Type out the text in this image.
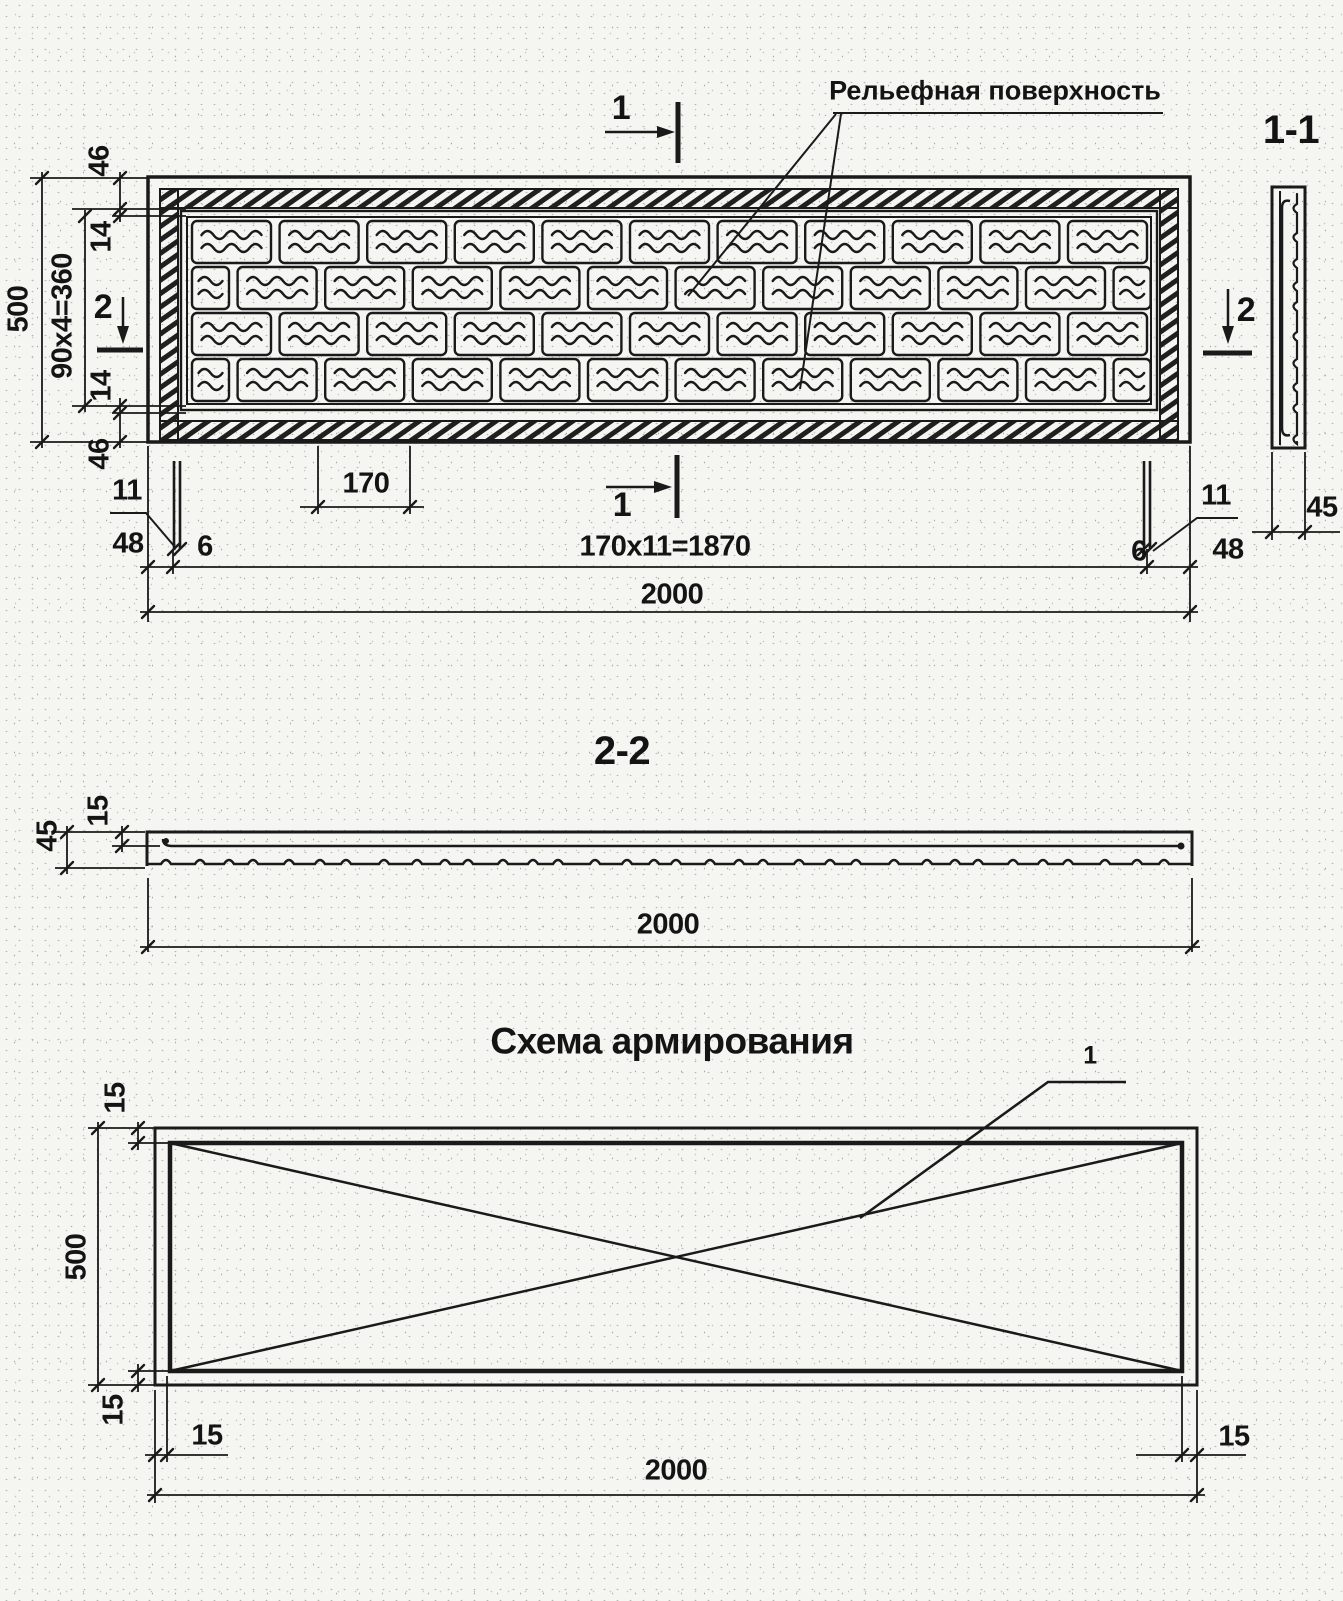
Рельефная поверхность
1-1
1
1
2	2
46
14
90x4=360
14
46
500
170
11
48 6	170x11=1870
2000
6 48
11	45
2-2
45
15
2000
Схема армирования	1
15
500
15
15	15
2000
